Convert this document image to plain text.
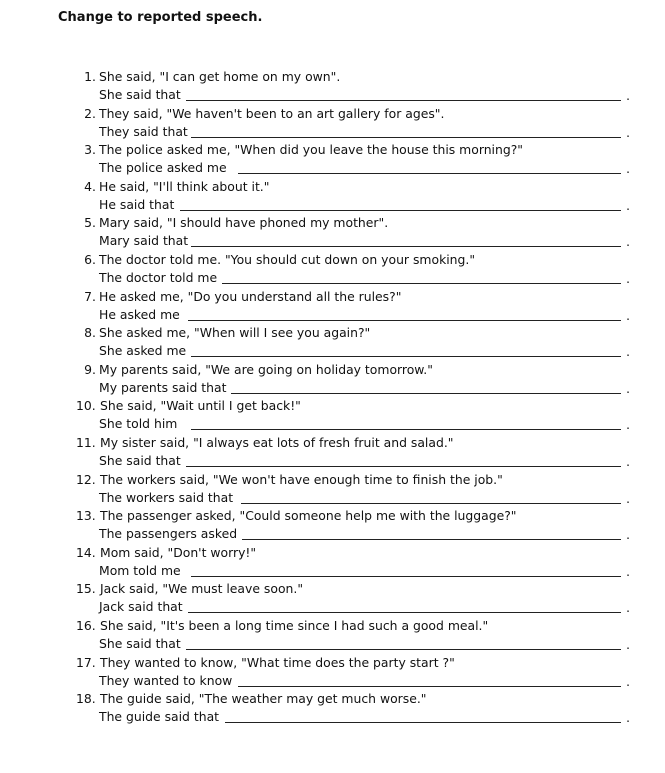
Change to reported speech.
1. She said, "I can get home on my own".
She said that	.
2. They said, "We haven't been to an art gallery for ages".
They said that	.
3. The police asked me, "When did you leave the house this morning?"
The police asked me	.
4. He said, "I'll think about it."
He said that	.
5. Mary said, "I should have phoned my mother".
Mary said that	.
6. The doctor told me. "You should cut down on your smoking."
The doctor told me	.
7. He asked me, "Do you understand all the rules?"
He asked me	.
8. She asked me, "When will I see you again?"
She asked me	.
9. My parents said, "We are going on holiday tomorrow."
My parents said that	.
10. She said, "Wait until I get back!"
She told him	.
11. My sister said, "I always eat lots of fresh fruit and salad."
She said that	.
12. The workers said, "We won't have enough time to finish the job."
The workers said that	.
13. The passenger asked, "Could someone help me with the luggage?"
The passengers asked	.
14. Mom said, "Don't worry!"
Mom told me	.
15. Jack said, "We must leave soon."
Jack said that	.
16. She said, "It's been a long time since I had such a good meal."
She said that	.
17. They wanted to know, "What time does the party start ?"
They wanted to know	.
18. The guide said, "The weather may get much worse."
The guide said that	.
